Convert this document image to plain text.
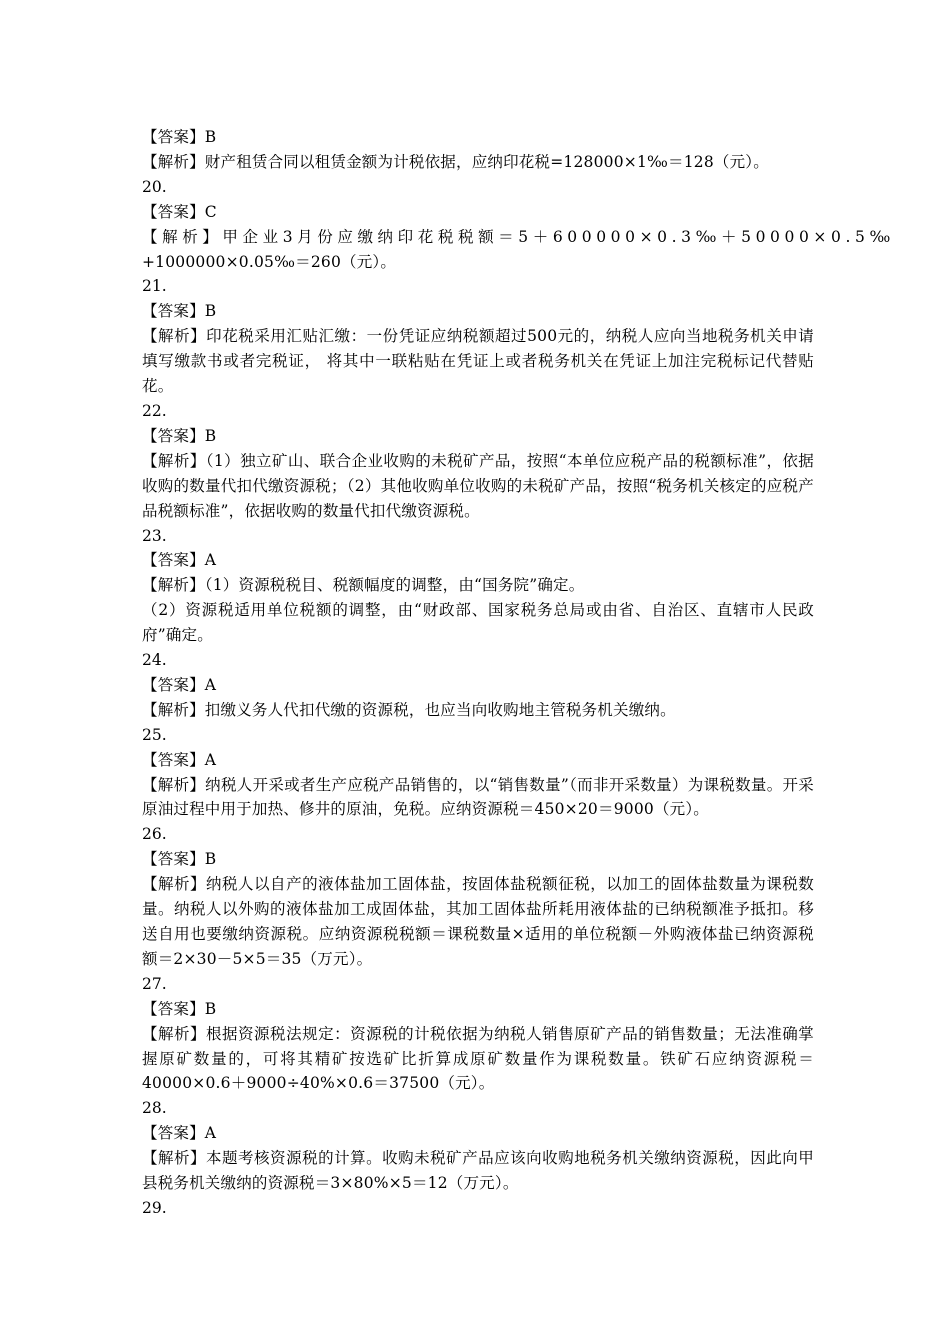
【答案】B
【解析】财产租赁合同以租赁金额为计税依据，应纳印花税=128000×1‰＝128（元）。
20.
【答案】C
【解析】甲企业3月份应缴纳印花税税额＝5＋600000×0.3‰＋50000×0.5‰
+1000000×0.05‰＝260（元）。
21.
【答案】B
【解析】印花税采用汇贴汇缴：一份凭证应纳税额超过500元的，纳税人应向当地税务机关申请填写缴款书或者完税证， 将其中一联粘贴在凭证上或者税务机关在凭证上加注完税标记代替贴花。
22.
【答案】B
【解析】（1）独立矿山、联合企业收购的未税矿产品，按照“本单位应税产品的税额标准”，依据收购的数量代扣代缴资源税；（2）其他收购单位收购的未税矿产品，按照“税务机关核定的应税产品税额标准”，依据收购的数量代扣代缴资源税。
23.
【答案】A
【解析】（1）资源税税目、税额幅度的调整，由“国务院”确定。
（2）资源税适用单位税额的调整，由“财政部、国家税务总局或由省、自治区、直辖市人民政府”确定。
24.
【答案】A
【解析】扣缴义务人代扣代缴的资源税，也应当向收购地主管税务机关缴纳。
25.
【答案】A
【解析】纳税人开采或者生产应税产品销售的，以“销售数量”（而非开采数量）为课税数量。开采原油过程中用于加热、修井的原油，免税。应纳资源税＝450×20＝9000（元）。
26.
【答案】B
【解析】纳税人以自产的液体盐加工固体盐，按固体盐税额征税，以加工的固体盐数量为课税数量。纳税人以外购的液体盐加工成固体盐，其加工固体盐所耗用液体盐的已纳税额准予抵扣。移送自用也要缴纳资源税。应纳资源税税额＝课税数量×适用的单位税额－外购液体盐已纳资源税额＝2×30－5×5＝35（万元）。
27.
【答案】B
【解析】根据资源税法规定：资源税的计税依据为纳税人销售原矿产品的销售数量；无法准确掌握原矿数量的，可将其精矿按选矿比折算成原矿数量作为课税数量。铁矿石应纳资源税＝40000×0.6＋9000÷40%×0.6＝37500（元）。
28.
【答案】A
【解析】本题考核资源税的计算。收购未税矿产品应该向收购地税务机关缴纳资源税，因此向甲县税务机关缴纳的资源税＝3×80%×5＝12（万元）。
29.
